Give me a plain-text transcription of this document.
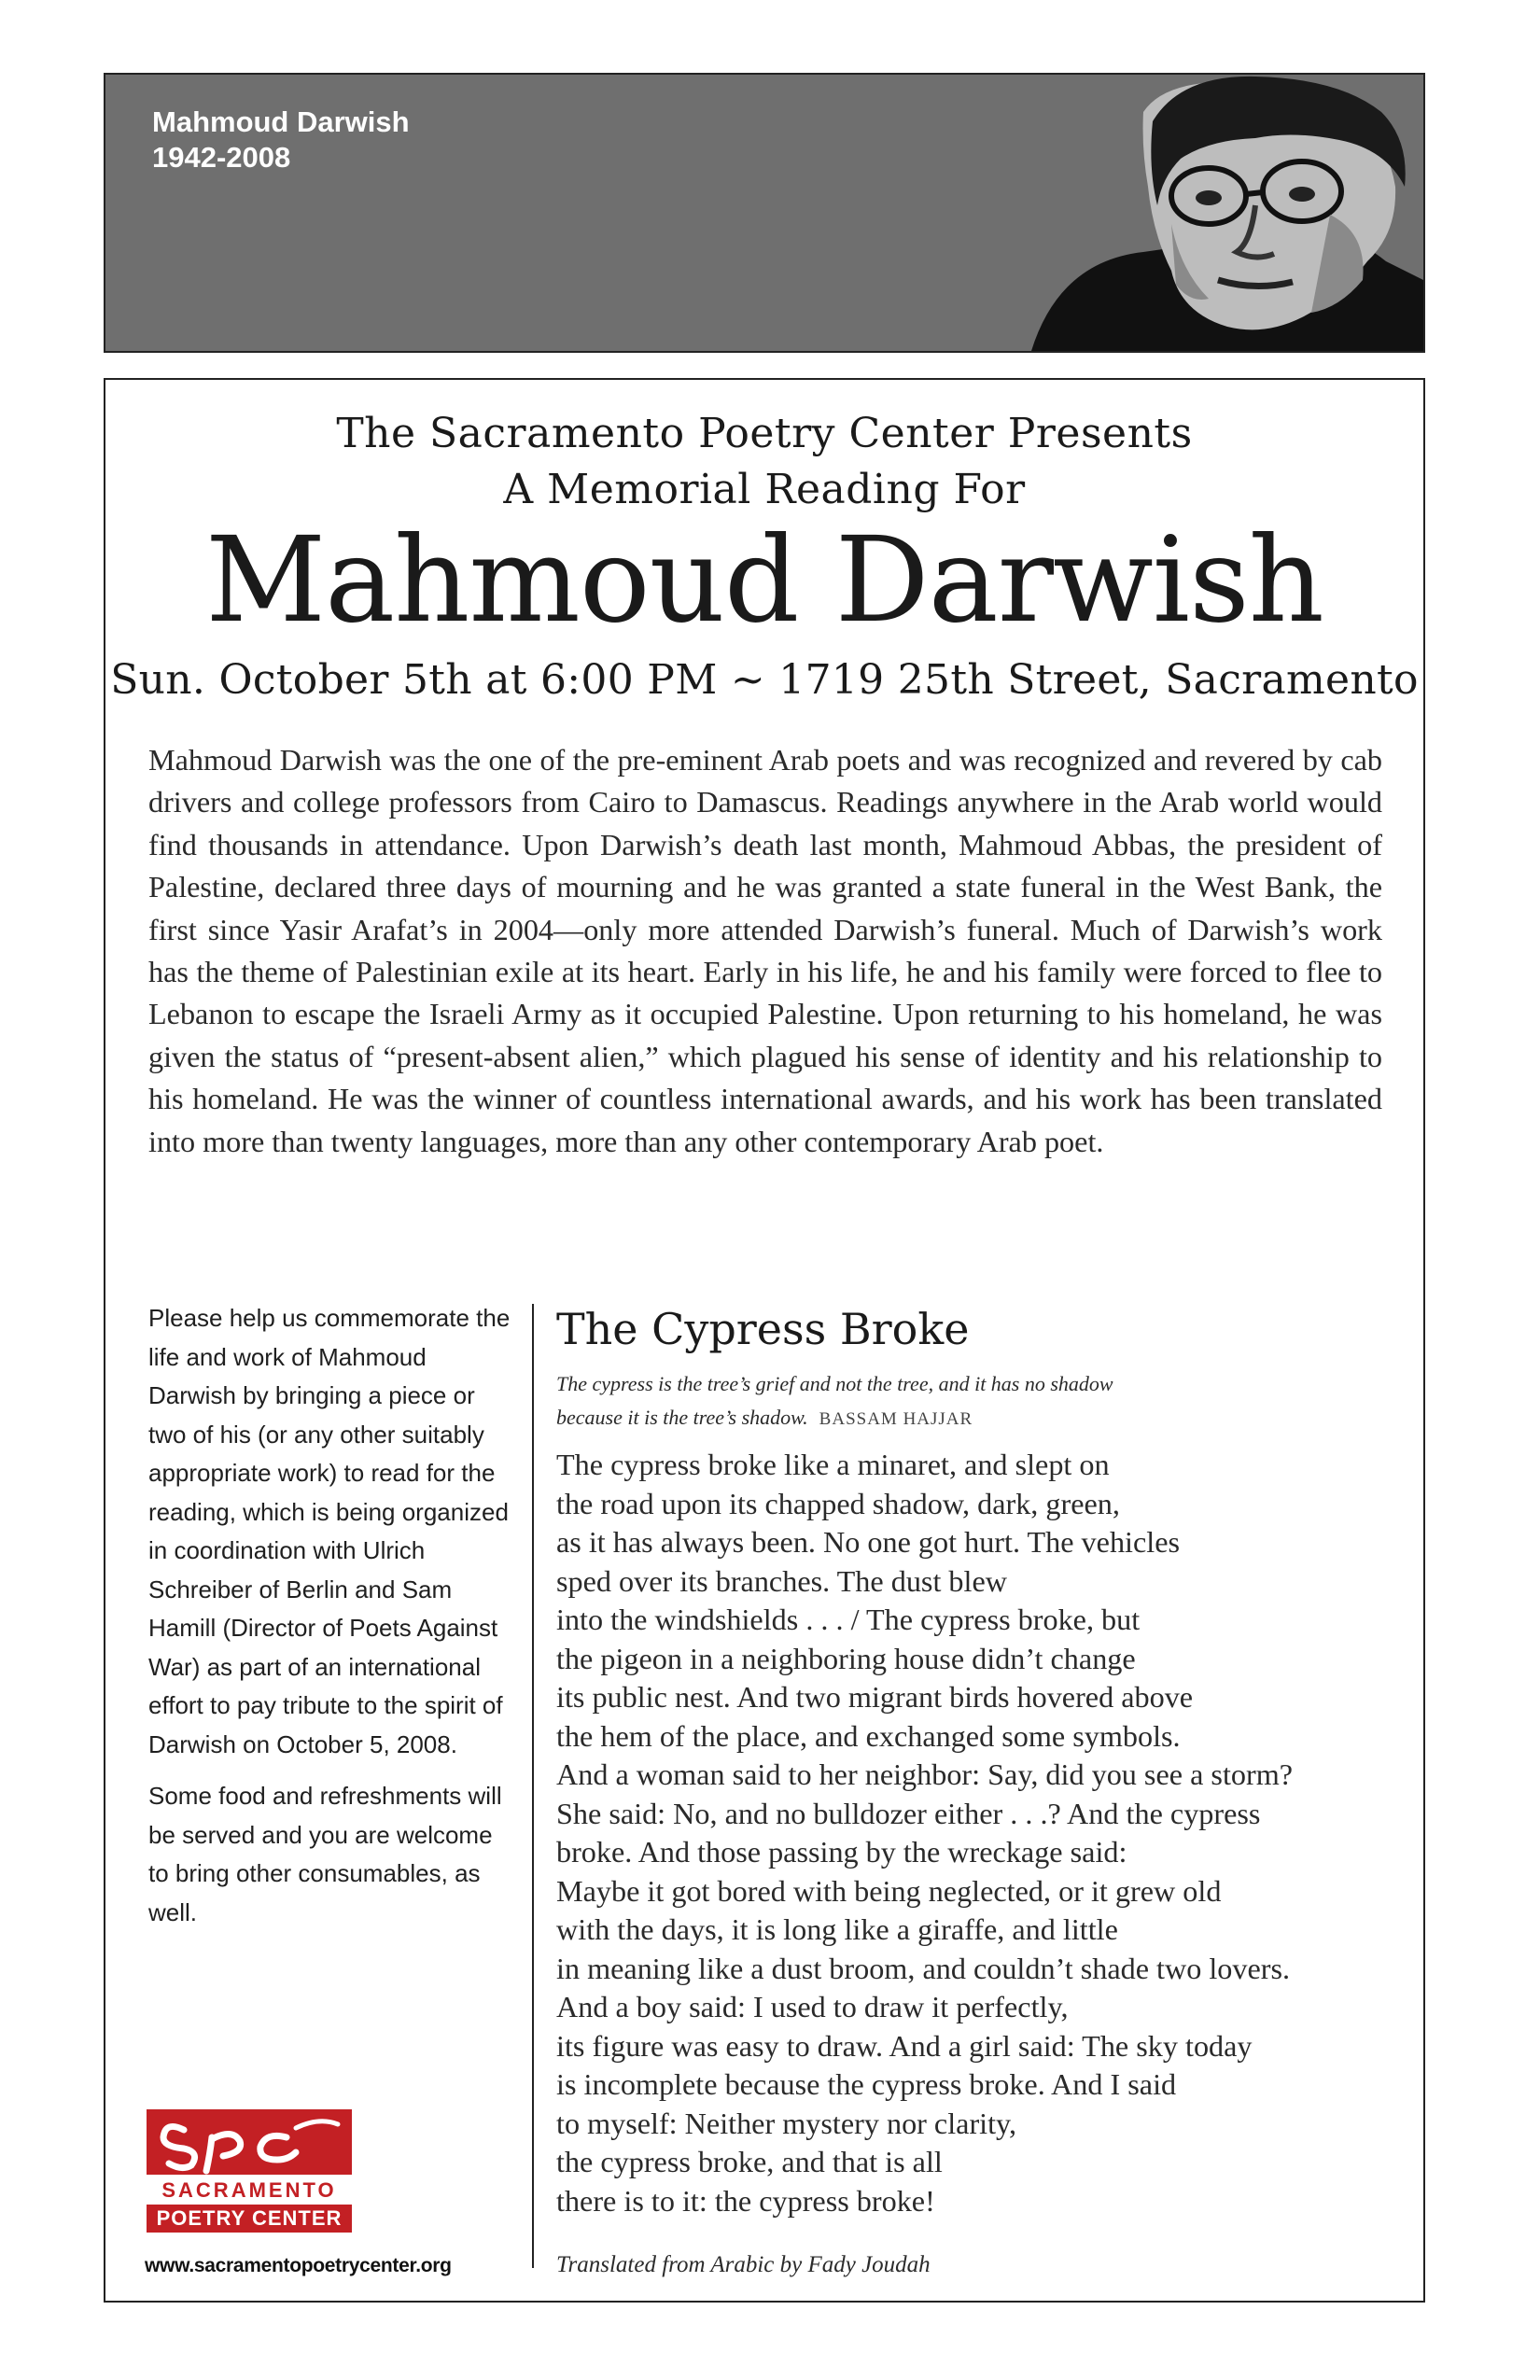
Mahmoud Darwish
1942-2008
The Sacramento Poetry Center Presents
A Memorial Reading For
Mahmoud Darwish
Sun. October 5th at 6:00 PM ~ 1719 25th Street, Sacramento

Mahmoud Darwish was the one of the pre-eminent Arab poets and was recognized and revered by cab drivers and college professors from Cairo to Damascus. Readings anywhere in the Arab world would find thousands in attendance. Upon Darwish’s death last month, Mahmoud Abbas, the president of Palestine, declared three days of mourning and he was granted a state funeral in the West Bank, the first since Yasir Arafat’s in 2004—only more attended Darwish’s funeral. Much of Darwish’s work has the theme of Palestinian exile at its heart. Early in his life, he and his family were forced to flee to Lebanon to escape the Israeli Army as it occupied Palestine. Upon returning to his homeland, he was given the status of “present-absent alien,” which plagued his sense of identity and his relationship to his homeland. He was the winner of countless international awards, and his work has been translated into more than twenty languages, more than any other contemporary Arab poet.

Please help us commemorate the life and work of Mahmoud Darwish by bringing a piece or two of his (or any other suitably appropriate work) to read for the reading, which is being organized in coordination with Ulrich Schreiber of Berlin and Sam Hamill (Director of Poets Against War) as part of an international effort to pay tribute to the spirit of Darwish on October 5, 2008.

Some food and refreshments will be served and you are welcome to bring other consumables, as well.

SACRAMENTO
POETRY CENTER
www.sacramentopoetrycenter.org
The Cypress Broke
The cypress is the tree’s grief and not the tree, and it has no shadow because it is the tree’s shadow. BASSAM HAJJAR
The cypress broke like a minaret, and slept on
the road upon its chapped shadow, dark, green,
as it has always been. No one got hurt. The vehicles
sped over its branches. The dust blew
into the windshields . . . / The cypress broke, but
the pigeon in a neighboring house didn’t change
its public nest. And two migrant birds hovered above
the hem of the place, and exchanged some symbols.
And a woman said to her neighbor: Say, did you see a storm?
She said: No, and no bulldozer either . . .? And the cypress
broke. And those passing by the wreckage said:
Maybe it got bored with being neglected, or it grew old
with the days, it is long like a giraffe, and little
in meaning like a dust broom, and couldn’t shade two lovers.
And a boy said: I used to draw it perfectly,
its figure was easy to draw. And a girl said: The sky today
is incomplete because the cypress broke. And I said
to myself: Neither mystery nor clarity,
the cypress broke, and that is all
there is to it: the cypress broke!
Translated from Arabic by Fady Joudah
